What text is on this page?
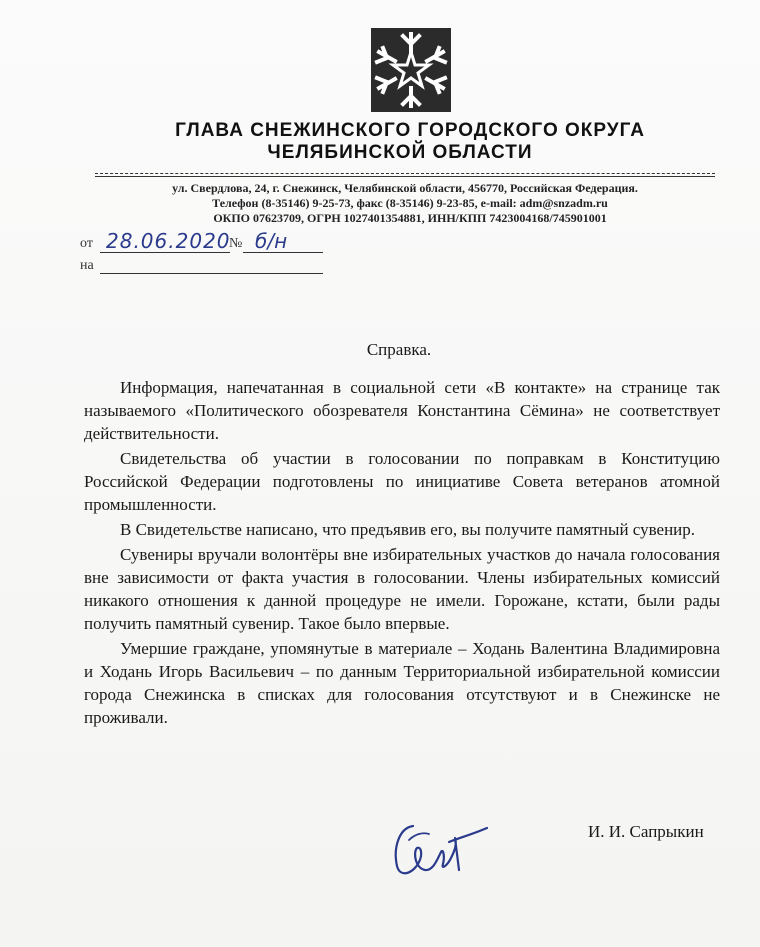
ГЛАВА СНЕЖИНСКОГО ГОРОДСКОГО ОКРУГА
ЧЕЛЯБИНСКОЙ ОБЛАСТИ
ул. Свердлова, 24, г. Снежинск, Челябинской области, 456770, Российская Федерация.
Телефон (8-35146) 9-25-73, факс (8-35146) 9-23-85, e-mail: adm@snzadm.ru
ОКПО 07623709, ОГРН 1027401354881, ИНН/КПП 7423004168/745901001
от 28.06.2020
№ б/н
на
Справка.

Информация, напечатанная в социальной сети «В контакте» на странице так называемого «Политического обозревателя Константина Сёмина» не соответствует действительности.

Свидетельства об участии в голосовании по поправкам в Конституцию Российской Федерации подготовлены по инициативе Совета ветеранов атомной промышленности.

В Свидетельстве написано, что предъявив его, вы получите памятный сувенир.

Сувениры вручали волонтёры вне избирательных участков до начала голосования вне зависимости от факта участия в голосовании. Члены избирательных комиссий никакого отношения к данной процедуре не имели. Горожане, кстати, были рады получить памятный сувенир. Такое было впервые.

Умершие граждане, упомянутые в материале – Ходань Валентина Владимировна и Ходань Игорь Васильевич – по данным Территориальной избирательной комиссии города Снежинска в списках для голосования отсутствуют и в Снежинске не проживали.

И. И. Сапрыкин
